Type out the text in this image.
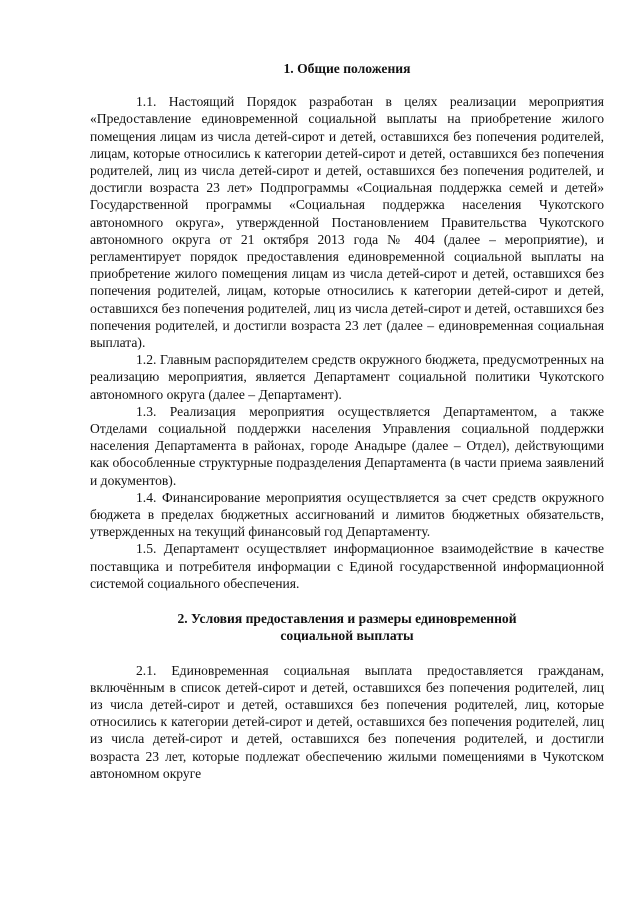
1. Общие положения

1.1. Настоящий Порядок разработан в целях реализации мероприятия «Предоставление единовременной социальной выплаты на приобретение жилого помещения лицам из числа детей-сирот и детей, оставшихся без попечения родителей, лицам, которые относились к категории детей-сирот и детей, оставшихся без попечения родителей, лиц из числа детей-сирот и детей, оставшихся без попечения родителей, и достигли возраста 23 лет» Подпрограммы «Социальная поддержка семей и детей» Государственной программы «Социальная поддержка населения Чукотского автономного округа», утвержденной Постановлением Правительства Чукотского автономного округа от 21 октября 2013 года № 404 (далее – мероприятие), и регламентирует порядок предоставления единовременной социальной выплаты на приобретение жилого помещения лицам из числа детей-сирот и детей, оставшихся без попечения родителей, лицам, которые относились к категории детей-сирот и детей, оставшихся без попечения родителей, лиц из числа детей-сирот и детей, оставшихся без попечения родителей, и достигли возраста 23 лет (далее – единовременная социальная выплата).

1.2. Главным распорядителем средств окружного бюджета, предусмотренных на реализацию мероприятия, является Департамент социальной политики Чукотского автономного округа (далее – Департамент).

1.3. Реализация мероприятия осуществляется Департаментом, а также Отделами социальной поддержки населения Управления социальной поддержки населения Департамента в районах, городе Анадыре (далее – Отдел), действующими как обособленные структурные подразделения Департамента (в части приема заявлений и документов).

1.4. Финансирование мероприятия осуществляется за счет средств окружного бюджета в пределах бюджетных ассигнований и лимитов бюджетных обязательств, утвержденных на текущий финансовый год Департаменту.

1.5. Департамент осуществляет информационное взаимодействие в качестве поставщика и потребителя информации с Единой государственной информационной системой социального обеспечения.

2. Условия предоставления и размеры единовременной
социальной выплаты

2.1. Единовременная социальная выплата предоставляется гражданам, включённым в список детей-сирот и детей, оставшихся без попечения родителей, лиц из числа детей-сирот и детей, оставшихся без попечения родителей, лиц, которые относились к категории детей-сирот и детей, оставшихся без попечения родителей, лиц из числа детей-сирот и детей, оставшихся без попечения родителей, и достигли возраста 23 лет, которые подлежат обеспечению жилыми помещениями в Чукотском автономном округе
